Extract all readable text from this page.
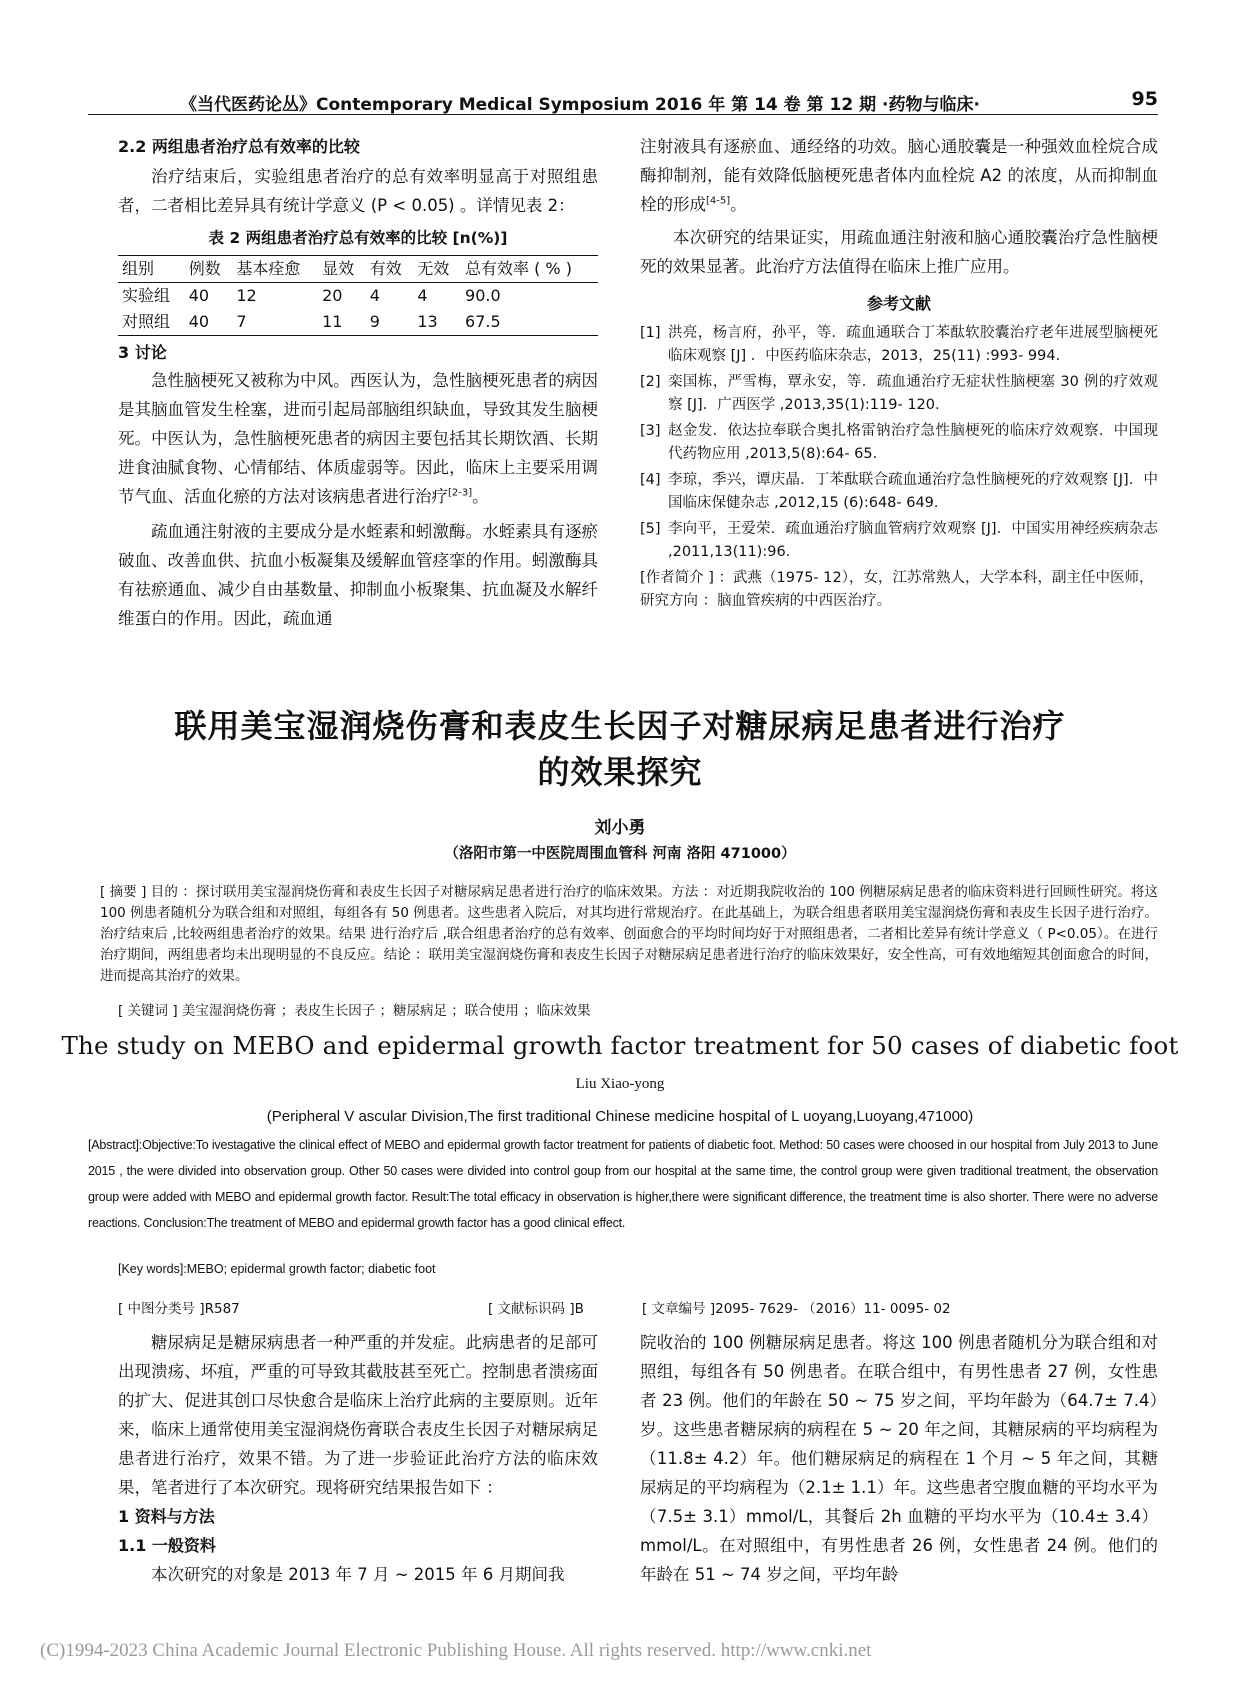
《当代医药论丛》Contemporary Medical Symposium 2016 年 第 14 卷 第 12 期 ·药物与临床·	95

2.2 两组患者治疗总有效率的比较

治疗结束后，实验组患者治疗的总有效率明显高于对照组患者，二者相比差异具有统计学意义 (P < 0.05) 。详情见表 2：

表 2 两组患者治疗总有效率的比较 [n(%)]
组别	例数	基本痊愈	显效	有效	无效	总有效率 ( % )
实验组	40	12	20	4	4	90.0
对照组	40	7	11	9	13	67.5

3 讨论

急性脑梗死又被称为中风。西医认为，急性脑梗死患者的病因是其脑血管发生栓塞，进而引起局部脑组织缺血，导致其发生脑梗死。中医认为，急性脑梗死患者的病因主要包括其长期饮酒、长期进食油腻食物、心情郁结、体质虚弱等。因此，临床上主要采用调节气血、活血化瘀的方法对该病患者进行治疗[2-3]。

疏血通注射液的主要成分是水蛭素和蚓激酶。水蛭素具有逐瘀破血、改善血供、抗血小板凝集及缓解血管痉挛的作用。蚓激酶具有祛瘀通血、减少自由基数量、抑制血小板聚集、抗血凝及水解纤维蛋白的作用。因此，疏血通

注射液具有逐瘀血、通经络的功效。脑心通胶囊是一种强效血栓烷合成酶抑制剂，能有效降低脑梗死患者体内血栓烷 A2 的浓度，从而抑制血栓的形成[4-5]。

本次研究的结果证实，用疏血通注射液和脑心通胶囊治疗急性脑梗死的效果显著。此治疗方法值得在临床上推广应用。

参考文献
[1] 洪亮，杨言府，孙平，等．疏血通联合丁苯酞软胶囊治疗老年进展型脑梗死临床观察 [J] ．中医药临床杂志，2013，25(11) :993- 994．
[2] 栾国栋，严雪梅，覃永安，等．疏血通治疗无症状性脑梗塞 30 例的疗效观察 [J]．广西医学 ,2013,35(1):119- 120.
[3] 赵金发．依达拉奉联合奥扎格雷钠治疗急性脑梗死的临床疗效观察．中国现代药物应用 ,2013,5(8):64- 65.
[4] 李琼，季兴，谭庆晶．丁苯酞联合疏血通治疗急性脑梗死的疗效观察 [J]．中国临床保健杂志 ,2012,15 (6):648- 649．
[5] 李向平，王爱荣．疏血通治疗脑血管病疗效观察 [J]．中国实用神经疾病杂志 ,2011,13(11):96.
[作者简介 ] ：武燕（1975- 12），女，江苏常熟人，大学本科，副主任中医师，研究方向 ：脑血管疾病的中西医治疗。
联用美宝湿润烧伤膏和表皮生长因子对糖尿病足患者进行治疗
的效果探究
刘小勇
（洛阳市第一中医院周围血管科 河南 洛阳 471000）
[ 摘要 ] 目的 ：探讨联用美宝湿润烧伤膏和表皮生长因子对糖尿病足患者进行治疗的临床效果。方法 ：对近期我院收治的 100 例糖尿病足患者的临床资料进行回顾性研究。将这 100 例患者随机分为联合组和对照组，每组各有 50 例患者。这些患者入院后，对其均进行常规治疗。在此基础上，为联合组患者联用美宝湿润烧伤膏和表皮生长因子进行治疗。治疗结束后 ,比较两组患者治疗的效果。结果 进行治疗后 ,联合组患者治疗的总有效率、创面愈合的平均时间均好于对照组患者，二者相比差异有统计学意义（ P<0.05）。在进行治疗期间，两组患者均未出现明显的不良反应。结论 ：联用美宝湿润烧伤膏和表皮生长因子对糖尿病足患者进行治疗的临床效果好，安全性高，可有效地缩短其创面愈合的时间，进而提高其治疗的效果。
[ 关键词 ] 美宝湿润烧伤膏 ；表皮生长因子 ；糖尿病足 ；联合使用 ；临床效果
The study on MEBO and epidermal growth factor treatment for 50 cases of diabetic foot
Liu Xiao-yong
(Peripheral V ascular Division,The first traditional Chinese medicine hospital of L uoyang,Luoyang,471000)
[Abstract]:Objective:To ivestagative the clinical effect of MEBO and epidermal growth factor treatment for patients of diabetic foot. Method: 50 cases were choosed in our hospital from July 2013 to June 2015 , the were divided into observation group. Other 50 cases were divided into control goup from our hospital at the same time, the control group were given traditional treatment, the observation group were added with MEBO and epidermal growth factor. Result:The total efficacy in observation is higher,there were significant difference, the treatment time is also shorter. There were no adverse reactions. Conclusion:The treatment of MEBO and epidermal growth factor has a good clinical effect.
[Key words]:MEBO; epidermal growth factor; diabetic foot
[ 中图分类号 ]R587	[ 文献标识码 ]B	[ 文章编号 ]2095- 7629- （2016）11- 0095- 02

糖尿病足是糖尿病患者一种严重的并发症。此病患者的足部可出现溃疡、坏疽，严重的可导致其截肢甚至死亡。控制患者溃疡面的扩大、促进其创口尽快愈合是临床上治疗此病的主要原则。近年来，临床上通常使用美宝湿润烧伤膏联合表皮生长因子对糖尿病足患者进行治疗，效果不错。为了进一步验证此治疗方法的临床效果，笔者进行了本次研究。现将研究结果报告如下 ：

1 资料与方法

1.1 一般资料

本次研究的对象是 2013 年 7 月 ~ 2015 年 6 月期间我

院收治的 100 例糖尿病足患者。将这 100 例患者随机分为联合组和对照组，每组各有 50 例患者。在联合组中，有男性患者 27 例，女性患者 23 例。他们的年龄在 50 ~ 75 岁之间，平均年龄为（64.7± 7.4）岁。这些患者糖尿病的病程在 5 ~ 20 年之间，其糖尿病的平均病程为（11.8± 4.2）年。他们糖尿病足的病程在 1 个月 ~ 5 年之间，其糖尿病足的平均病程为（2.1± 1.1）年。这些患者空腹血糖的平均水平为（7.5± 3.1）mmol/L，其餐后 2h 血糖的平均水平为（10.4± 3.4）mmol/L。在对照组中，有男性患者 26 例，女性患者 24 例。他们的年龄在 51 ~ 74 岁之间，平均年龄

(C)1994-2023 China Academic Journal Electronic Publishing House. All rights reserved. http://www.cnki.net
